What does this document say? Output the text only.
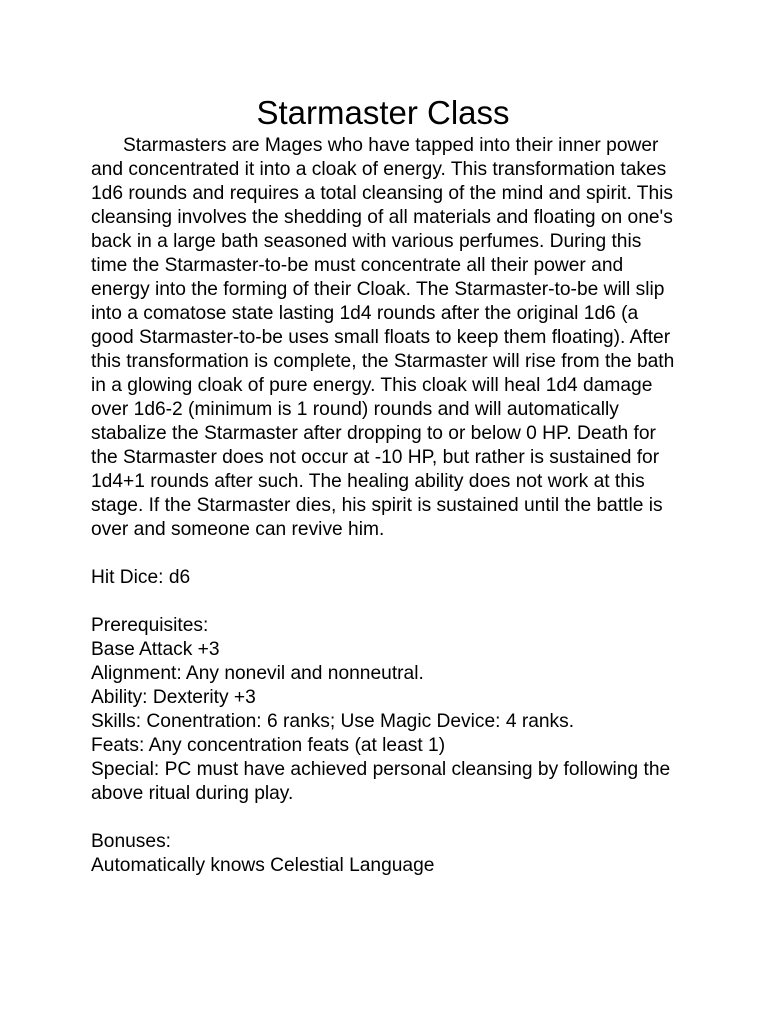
Starmaster Class

Starmasters are Mages who have tapped into their inner power and concentrated it into a cloak of energy. This transformation takes 1d6 rounds and requires a total cleansing of the mind and spirit. This cleansing involves the shedding of all materials and floating on one's back in a large bath seasoned with various perfumes. During this time the Starmaster-to-be must concentrate all their power and energy into the forming of their Cloak. The Starmaster-to-be will slip into a comatose state lasting 1d4 rounds after the original 1d6 (a good Starmaster-to-be uses small floats to keep them floating). After this transformation is complete, the Starmaster will rise from the bath in a glowing cloak of pure energy. This cloak will heal 1d4 damage over 1d6-2 (minimum is 1 round) rounds and will automatically stabalize the Starmaster after dropping to or below 0 HP. Death for the Starmaster does not occur at -10 HP, but rather is sustained for 1d4+1 rounds after such. The healing ability does not work at this stage. If the Starmaster dies, his spirit is sustained until the battle is over and someone can revive him.

Hit Dice: d6

Prerequisites:

Base Attack +3

Alignment: Any nonevil and nonneutral.

Ability: Dexterity +3

Skills: Conentration: 6 ranks; Use Magic Device: 4 ranks.

Feats: Any concentration feats (at least 1)

Special: PC must have achieved personal cleansing by following the above ritual during play.

Bonuses:

Automatically knows Celestial Language
